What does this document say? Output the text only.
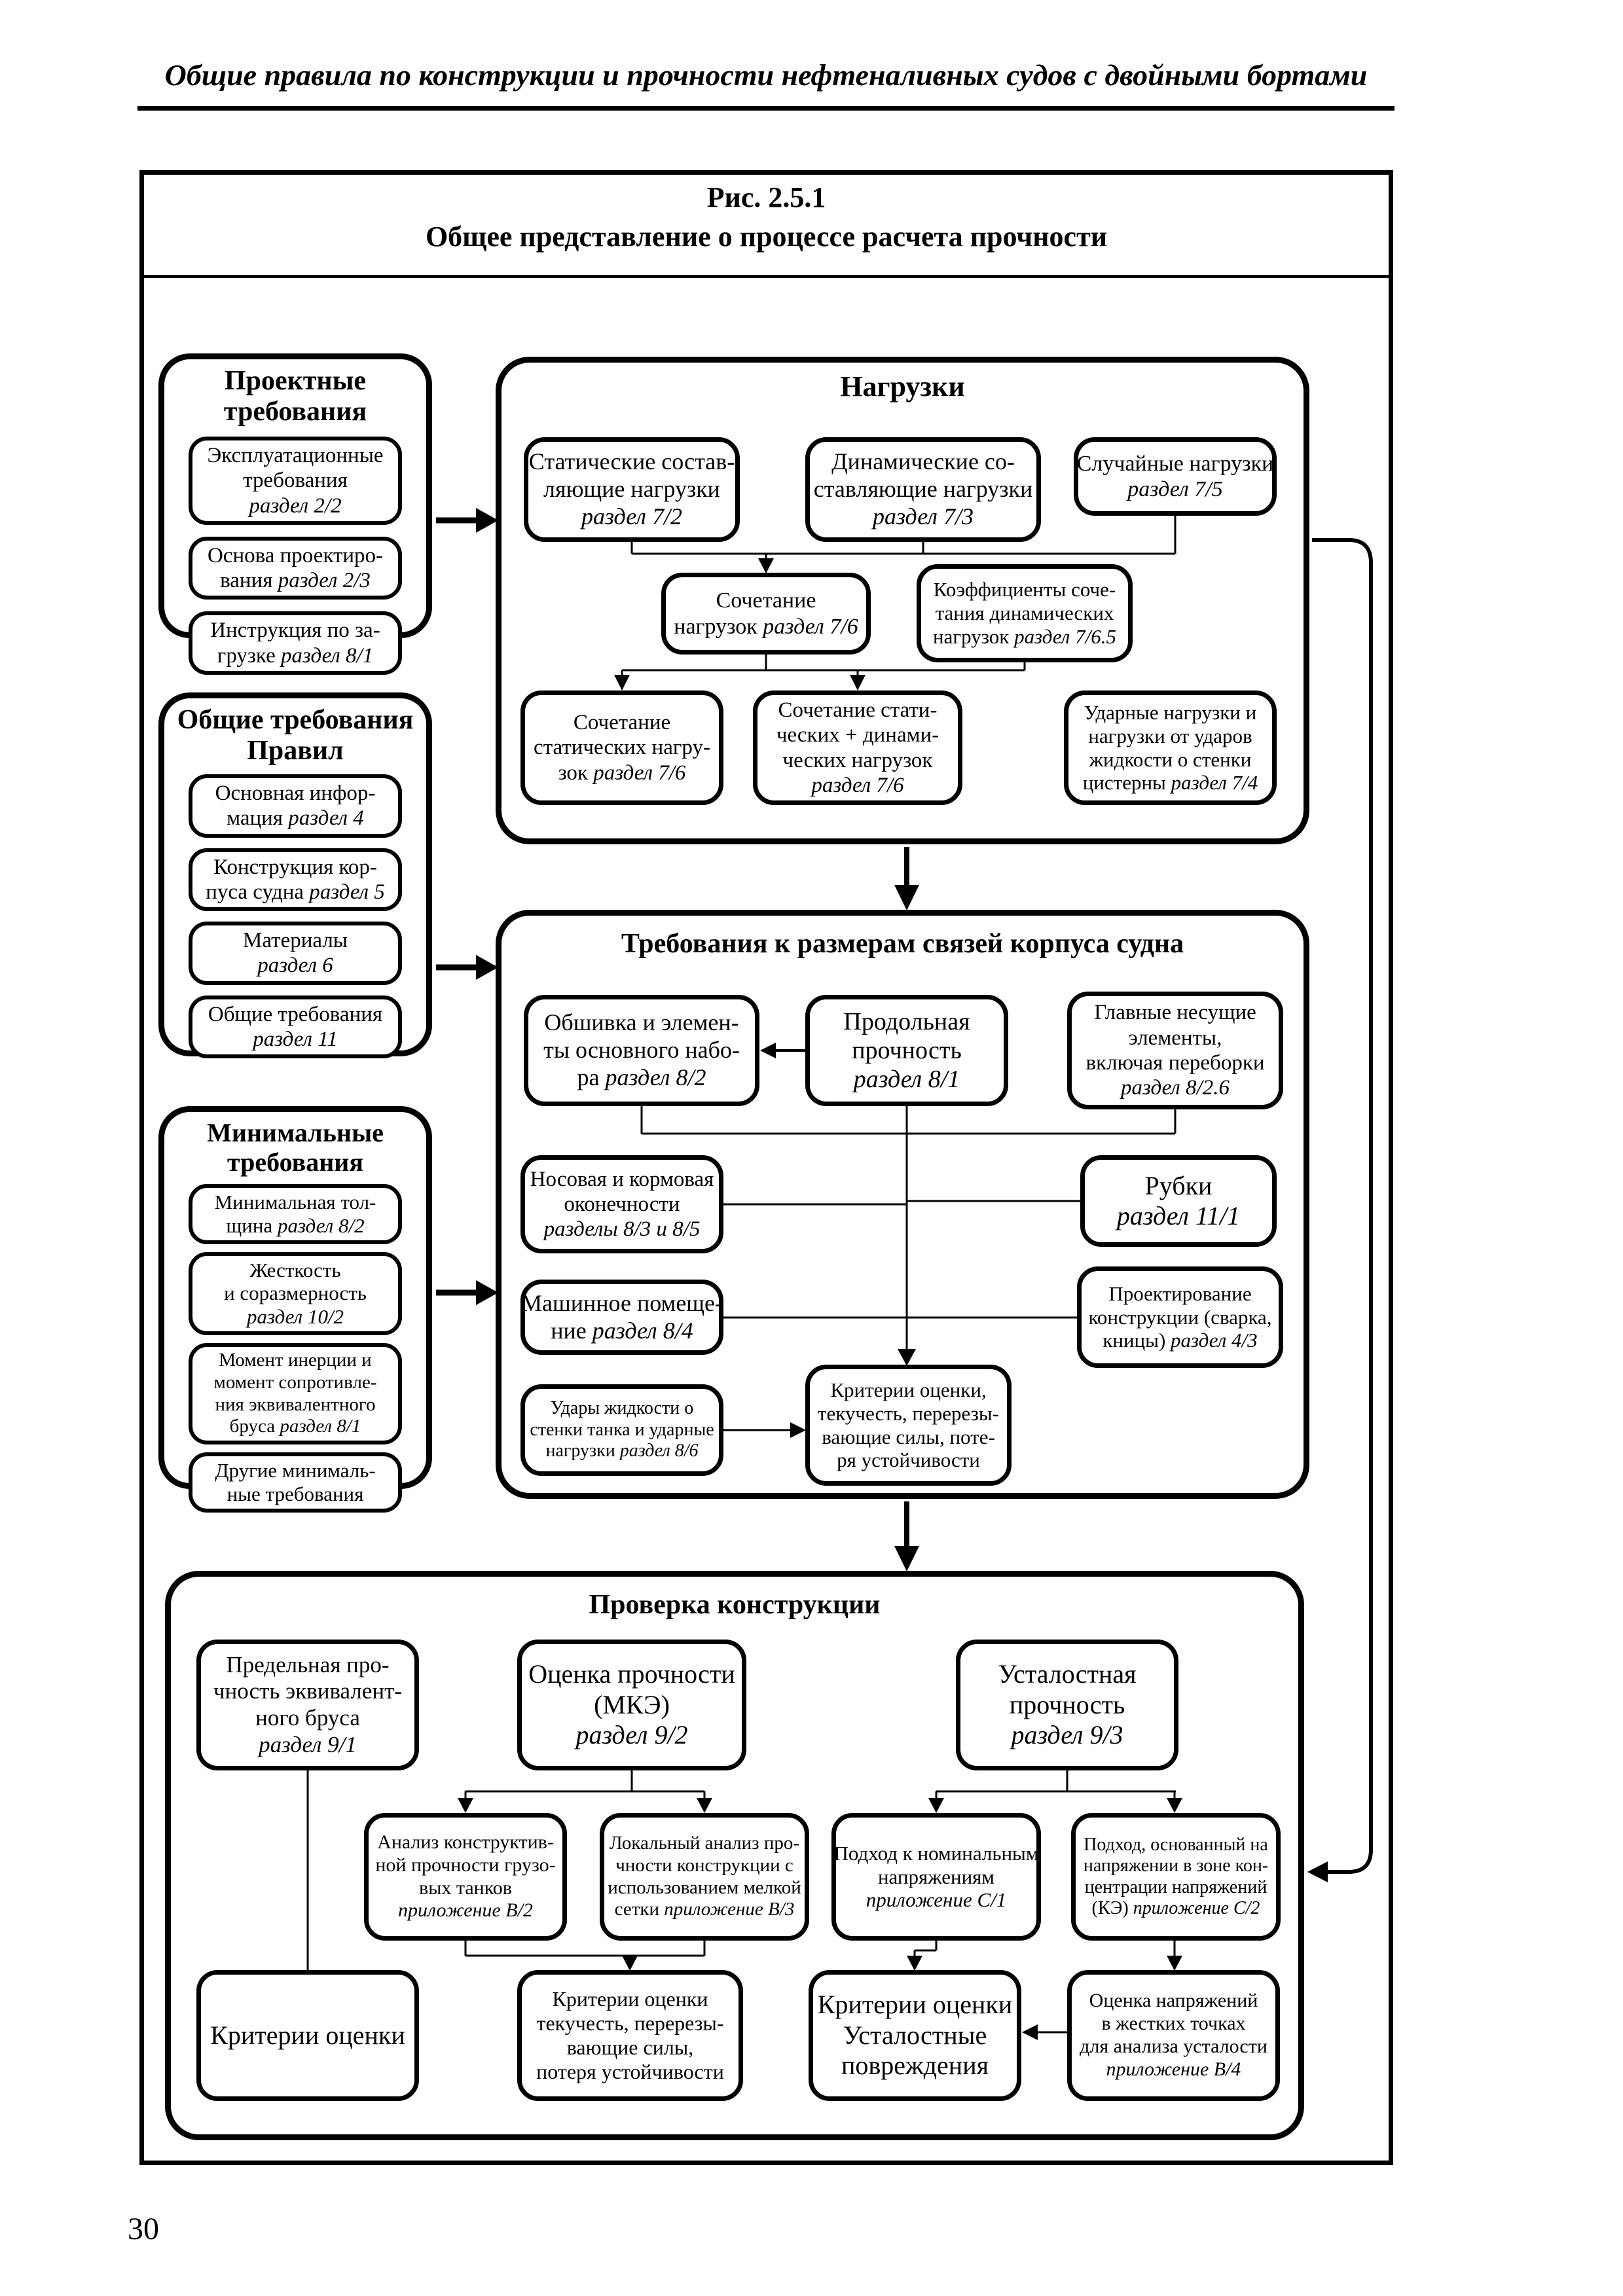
Общие правила по конструкции и прочности нефтеналивных судов с двойными бортами
Рис. 2.5.1
Общее представление о процессе расчета прочности
Нагрузки
Требования к размерам связей корпуса судна
Проверка конструкции
Проектные требования
Эксплуатационные
требования
раздел 2/2
Основа проектиро-
вания раздел 2/3
Инструкция по за-
грузке раздел 8/1
Общие требования
Правил
Основная инфор-
мация раздел 4
Конструкция кор-
пуса судна раздел 5
Материалы
раздел 6
Общие требования
раздел 11
Минимальные
требования
Минимальная тол-
щина раздел 8/2
Жесткость
и соразмерность
раздел 10/2
Момент инерции и
момент сопротивле-
ния эквивалентного
бруса раздел 8/1
Другие минималь-
ные требования
Статические состав-
ляющие нагрузки
раздел 7/2
Динамические со-
ставляющие нагрузки
раздел 7/3
Случайные нагрузки
раздел 7/5
Сочетание
нагрузок раздел 7/6
Коэффициенты соче-
тания динамических
нагрузок раздел 7/6.5
Сочетание
статических нагру-
зок раздел 7/6
Сочетание стати-
ческих + динами-
ческих нагрузок
раздел 7/6
Ударные нагрузки и
нагрузки от ударов
жидкости о стенки
цистерны раздел 7/4
Обшивка и элемен-
ты основного набо-
ра раздел 8/2
Продольная
прочность
раздел 8/1
Главные несущие
элементы,
включая переборки
раздел 8/2.6
Носовая и кормовая
оконечности
разделы 8/3 и 8/5
Рубки
раздел 11/1
Машинное помеще-
ние раздел 8/4
Проектирование
конструкции (сварка,
кницы) раздел 4/3
Удары жидкости о
стенки танка и ударные
нагрузки раздел 8/6
Критерии оценки,
текучесть, перерезы-
вающие силы, поте-
ря устойчивости
Предельная про-
чность эквивалент-
ного бруса
раздел 9/1
Оценка прочности
(МКЭ)
раздел 9/2
Усталостная
прочность
раздел 9/3
Анализ конструктив-
ной прочности грузо-
вых танков
приложение B/2
Локальный анализ про-
чности конструкции с
использованием мелкой
сетки приложение B/3
Подход к номинальным
напряжениям
приложение C/1
Подход, основанный на
напряжении в зоне кон-
центрации напряжений
(КЭ) приложение C/2
Критерии оценки
Критерии оценки
текучесть, перерезы-
вающие силы,
потеря устойчивости
Критерии оценки
Усталостные
повреждения
Оценка напряжений
в жестких точках
для анализа усталости
приложение B/4
30
